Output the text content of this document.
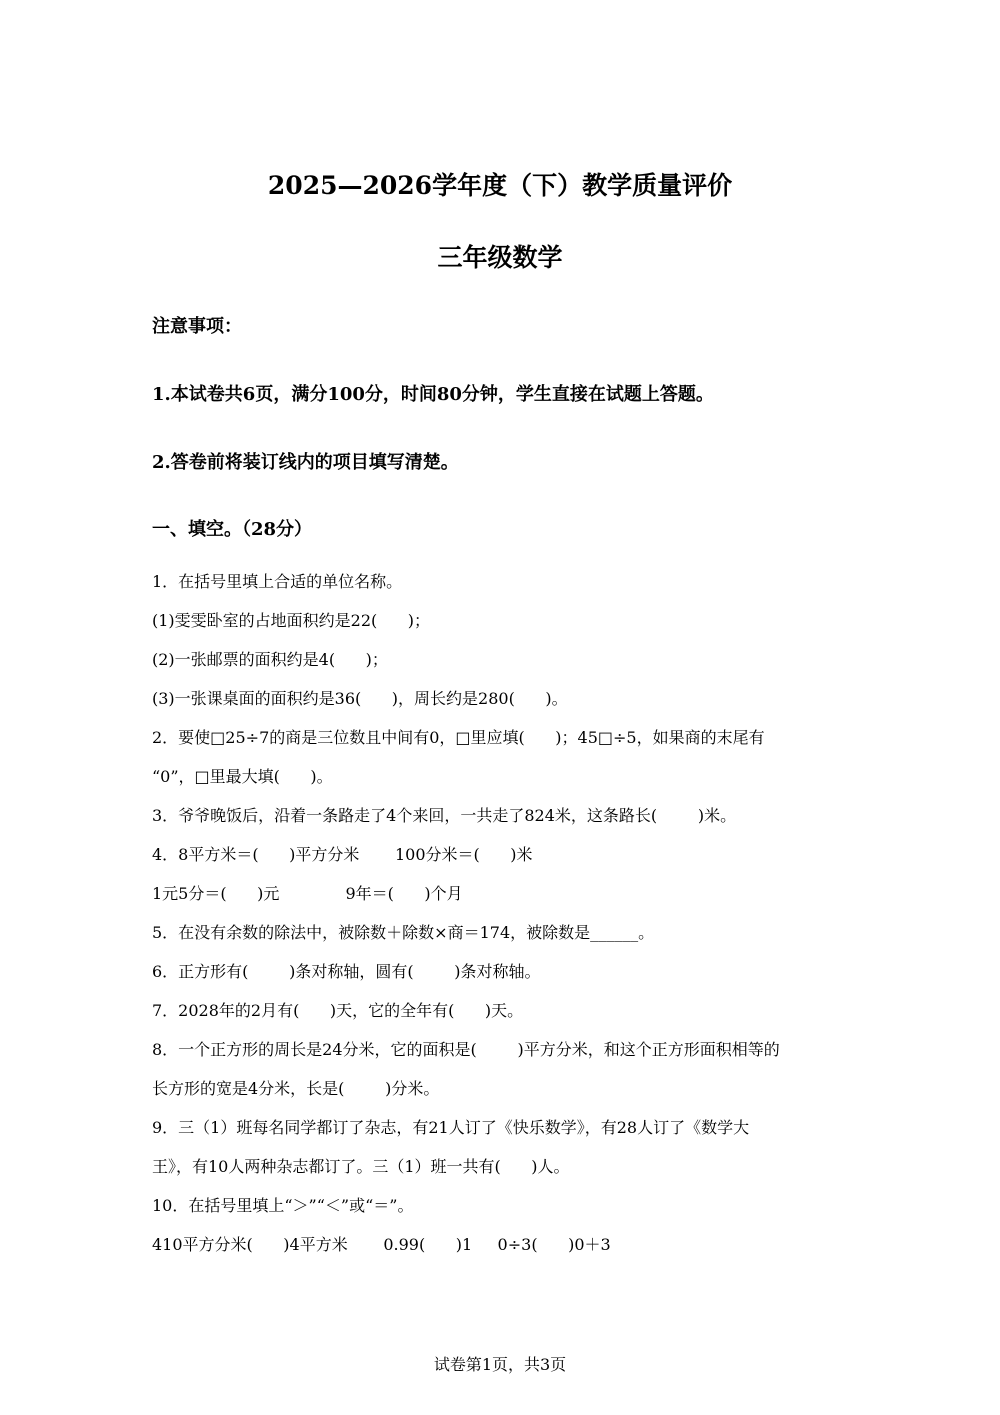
2025—2026学年度（下）教学质量评价
三年级数学
注意事项：
1.本试卷共6页，满分100分，时间80分钟，学生直接在试题上答题。
2.答卷前将装订线内的项目填写清楚。
一、填空。（28分）
1．在括号里填上合适的单位名称。
(1)雯雯卧室的占地面积约是22(      )；
(2)一张邮票的面积约是4(      )；
(3)一张课桌面的面积约是36(      )，周长约是280(      )。
2．要使□25÷7的商是三位数且中间有0，□里应填(      )；45□÷5，如果商的末尾有
“0”，□里最大填(      )。
3．爷爷晚饭后，沿着一条路走了4个来回，一共走了824米，这条路长(        )米。
4．8平方米＝(      )平方分米       100分米＝(      )米
1元5分＝(      )元             9年＝(      )个月
5．在没有余数的除法中，被除数＋除数×商＝174，被除数是______。
6．正方形有(        )条对称轴，圆有(        )条对称轴。
7．2028年的2月有(      )天，它的全年有(      )天。
8．一个正方形的周长是24分米，它的面积是(        )平方分米，和这个正方形面积相等的
长方形的宽是4分米，长是(        )分米。
9．三（1）班每名同学都订了杂志，有21人订了《快乐数学》，有28人订了《数学大
王》，有10人两种杂志都订了。三（1）班一共有(      )人。
10．在括号里填上“＞”“＜”或“＝”。
410平方分米(      )4平方米       0.99(      )1     0÷3(      )0＋3
试卷第1页，共3页
